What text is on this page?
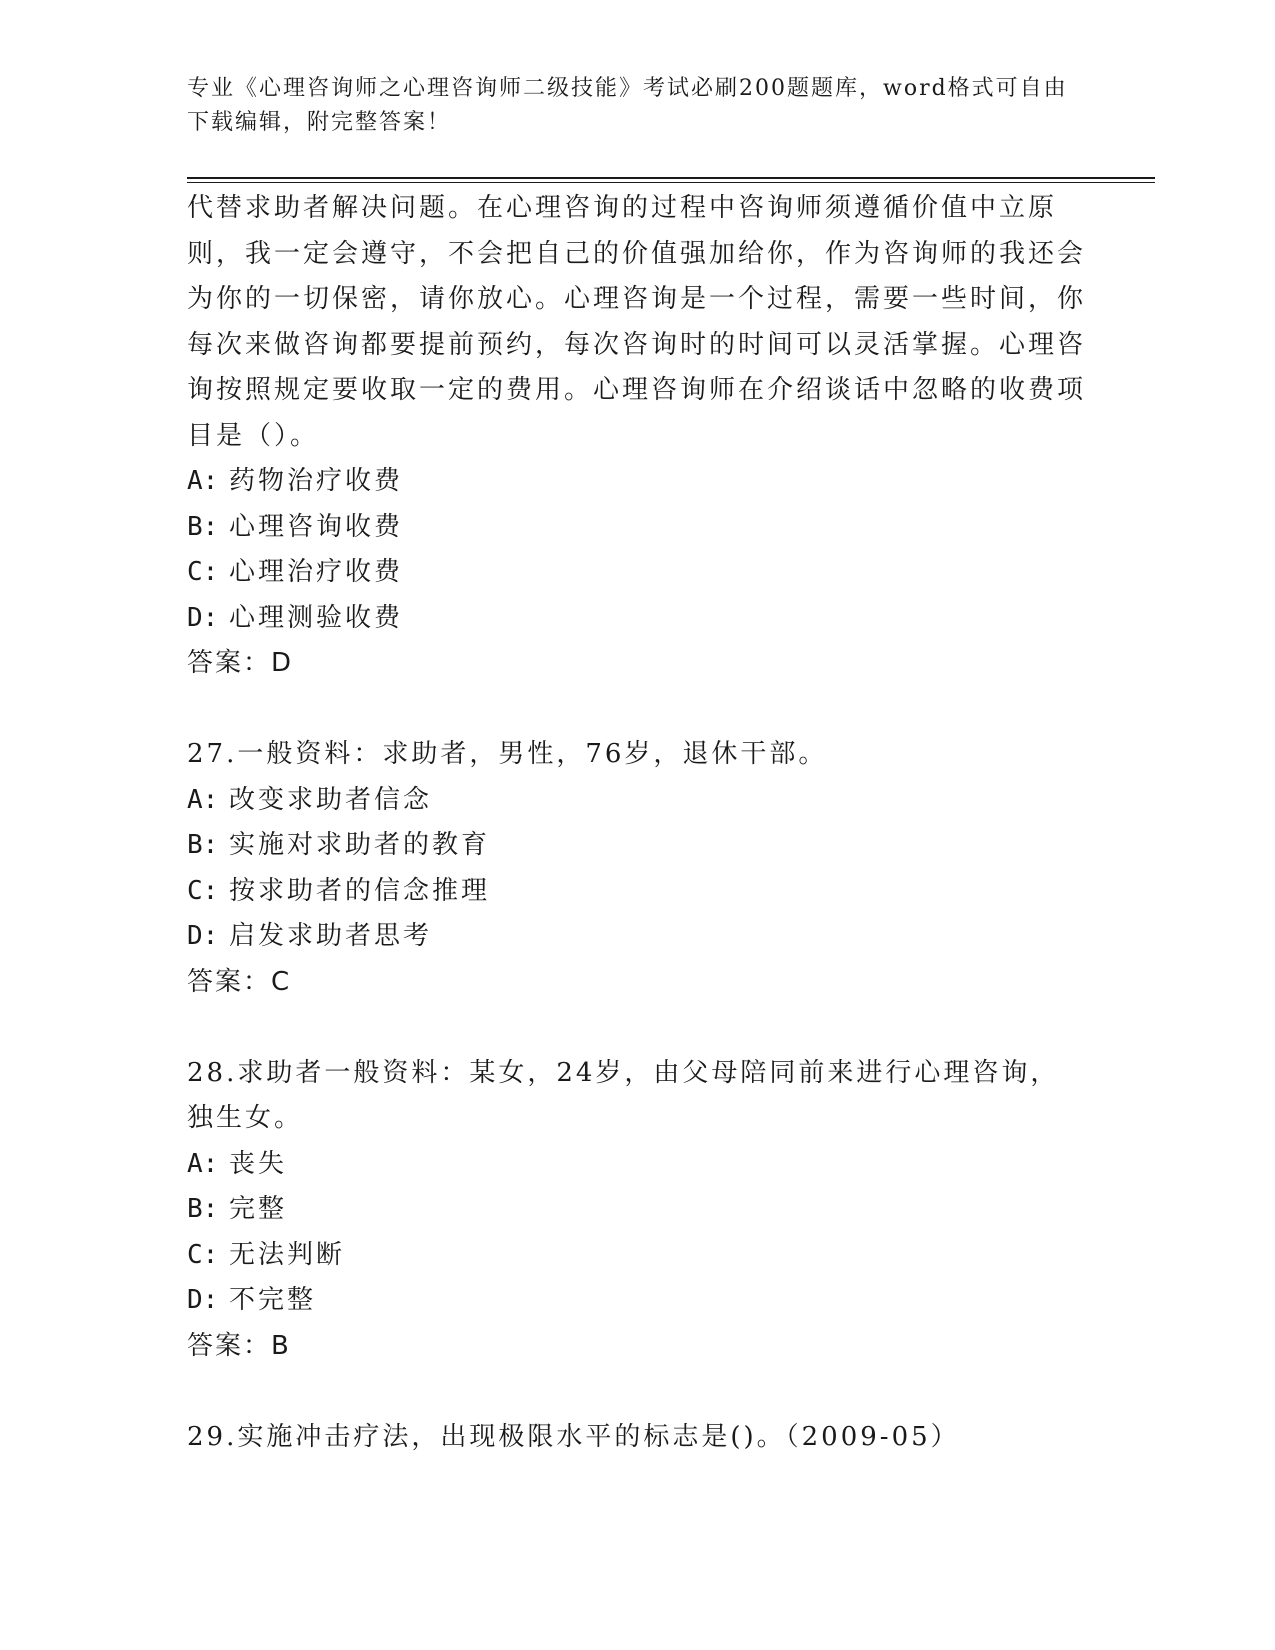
专业《心理咨询师之心理咨询师二级技能》考试必刷200题题库，word格式可自由下载编辑，附完整答案！

代替求助者解决问题。在心理咨询的过程中咨询师须遵循价值中立原则，我一定会遵守，不会把自己的价值强加给你，作为咨询师的我还会为你的一切保密，请你放心。心理咨询是一个过程，需要一些时间，你每次来做咨询都要提前预约，每次咨询时的时间可以灵活掌握。心理咨询按照规定要收取一定的费用。心理咨询师在介绍谈话中忽略的收费项目是（）。

A: 药物治疗收费
B: 心理咨询收费
C: 心理治疗收费
D: 心理测验收费

答案：D

27.一般资料：求助者，男性，76岁，退休干部。

A: 改变求助者信念
B: 实施对求助者的教育
C: 按求助者的信念推理
D: 启发求助者思考

答案：C

28.求助者一般资料：某女，24岁，由父母陪同前来进行心理咨询，独生女。

A: 丧失
B: 完整
C: 无法判断
D: 不完整

答案：B

29.实施冲击疗法，出现极限水平的标志是()。（2009-05）
